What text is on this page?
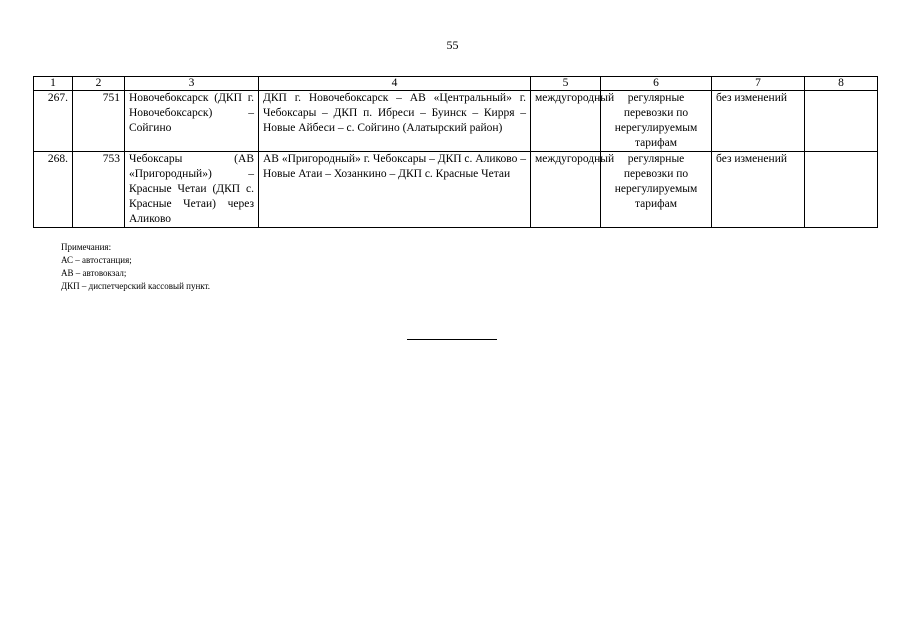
55
1	2	3	4	5	6	7	8
267.	751	Новочебоксарск (ДКП г. Новочебоксарск) – Сойгино	ДКП г. Новочебоксарск – АВ «Центральный» г. Чебоксары – ДКП п. Ибреси – Буинск – Кирря – Новые Айбеси – с. Сойгино (Алатырский район)	междугородный	регулярные перевозки по нерегулируемым тарифам	без изменений	
268.	753	Чебоксары (АВ «Пригородный») – Красные Четаи (ДКП с. Красные Четаи) через Аликово	АВ «Пригородный» г. Чебоксары – ДКП с. Аликово – Новые Атаи – Хозанкино – ДКП с. Красные Четаи	междугородный	регулярные перевозки по нерегулируемым тарифам	без изменений	
Примечания:
АС – автостанция;
АВ – автовокзал;
ДКП – диспетчерский кассовый пункт.
